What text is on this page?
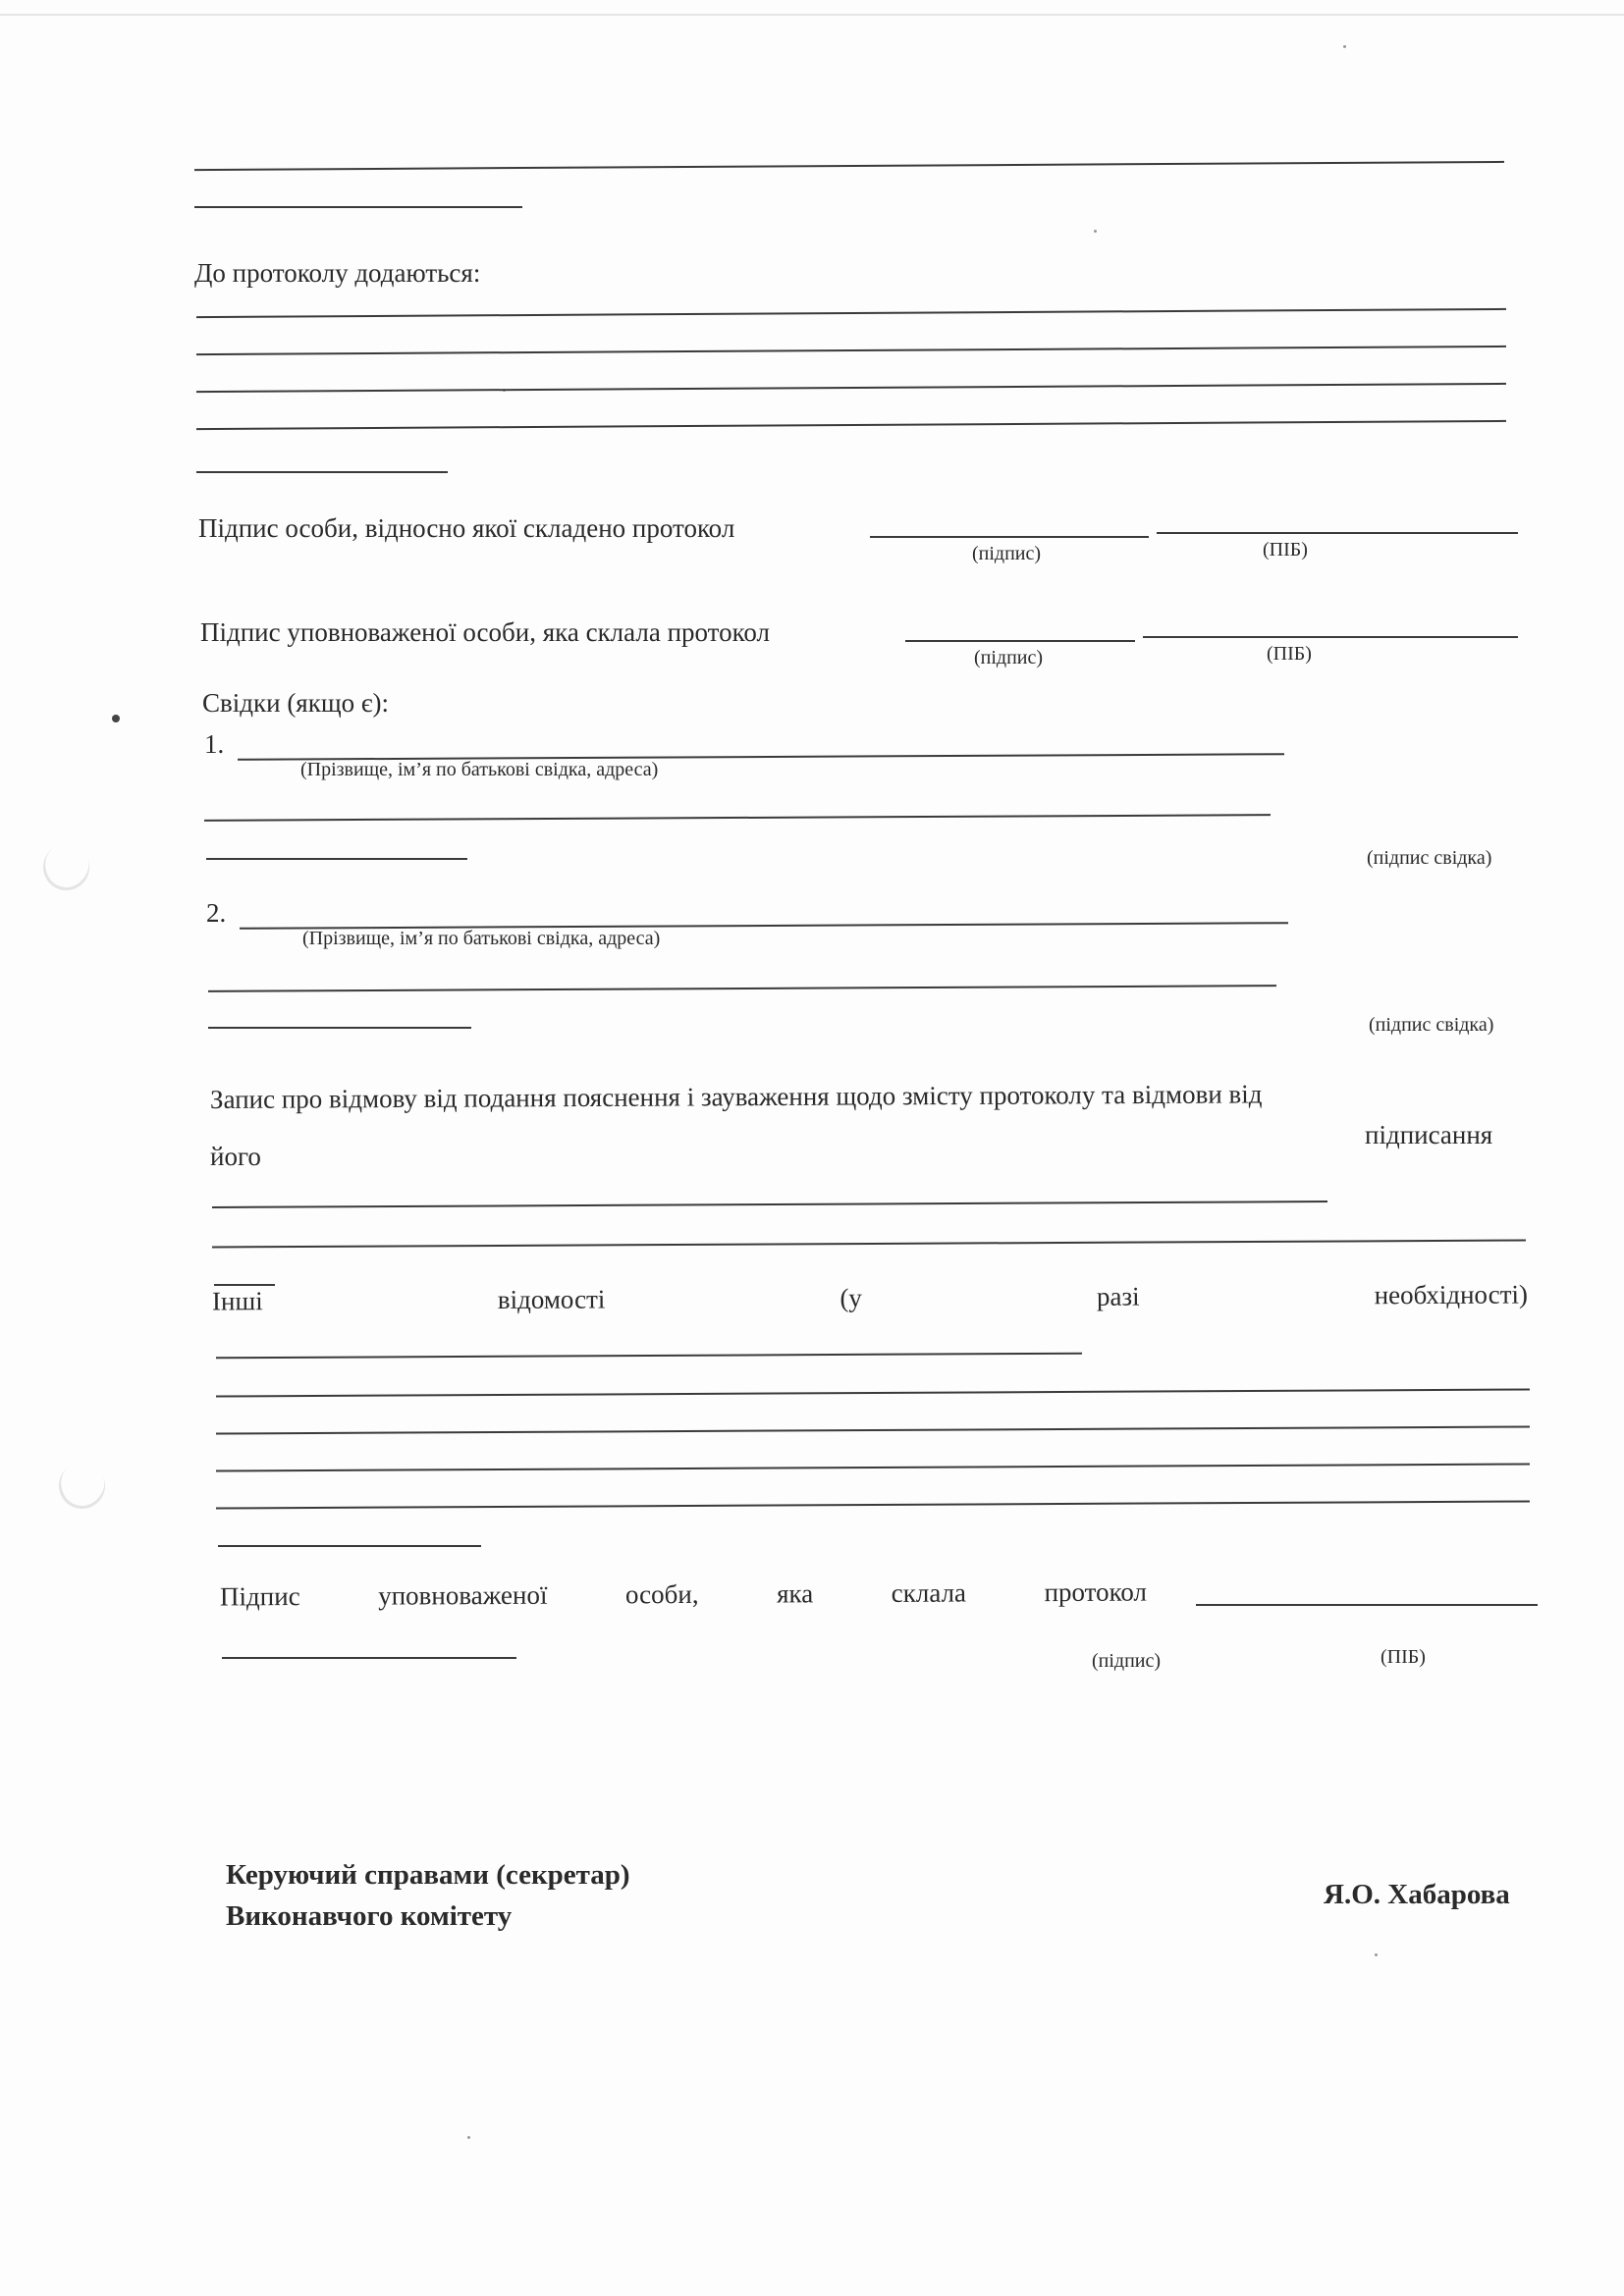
До протоколу додаються:
Підпис особи, відносно якої складено протокол
(підпис)	(ПІБ)
Підпис уповноваженої особи, яка склала протокол
(підпис)	(ПІБ)
Свідки (якщо є):
1.
(Прізвище, ім’я по батькові свідка, адреса)
(підпис свідка)
2.
(Прізвище, ім’я по батькові свідка, адреса)
(підпис свідка)
Запис про відмову від подання пояснення і зауваження щодо змісту протоколу та відмови від
підписання
його
Інші	відомості	(у	разі	необхідності)
Підпис	уповноваженої	особи,	яка	склала	протокол
(підпис)	(ПІБ)
Керуючий справами (секретар)
Виконавчого комітету
Я.О. Хабарова
